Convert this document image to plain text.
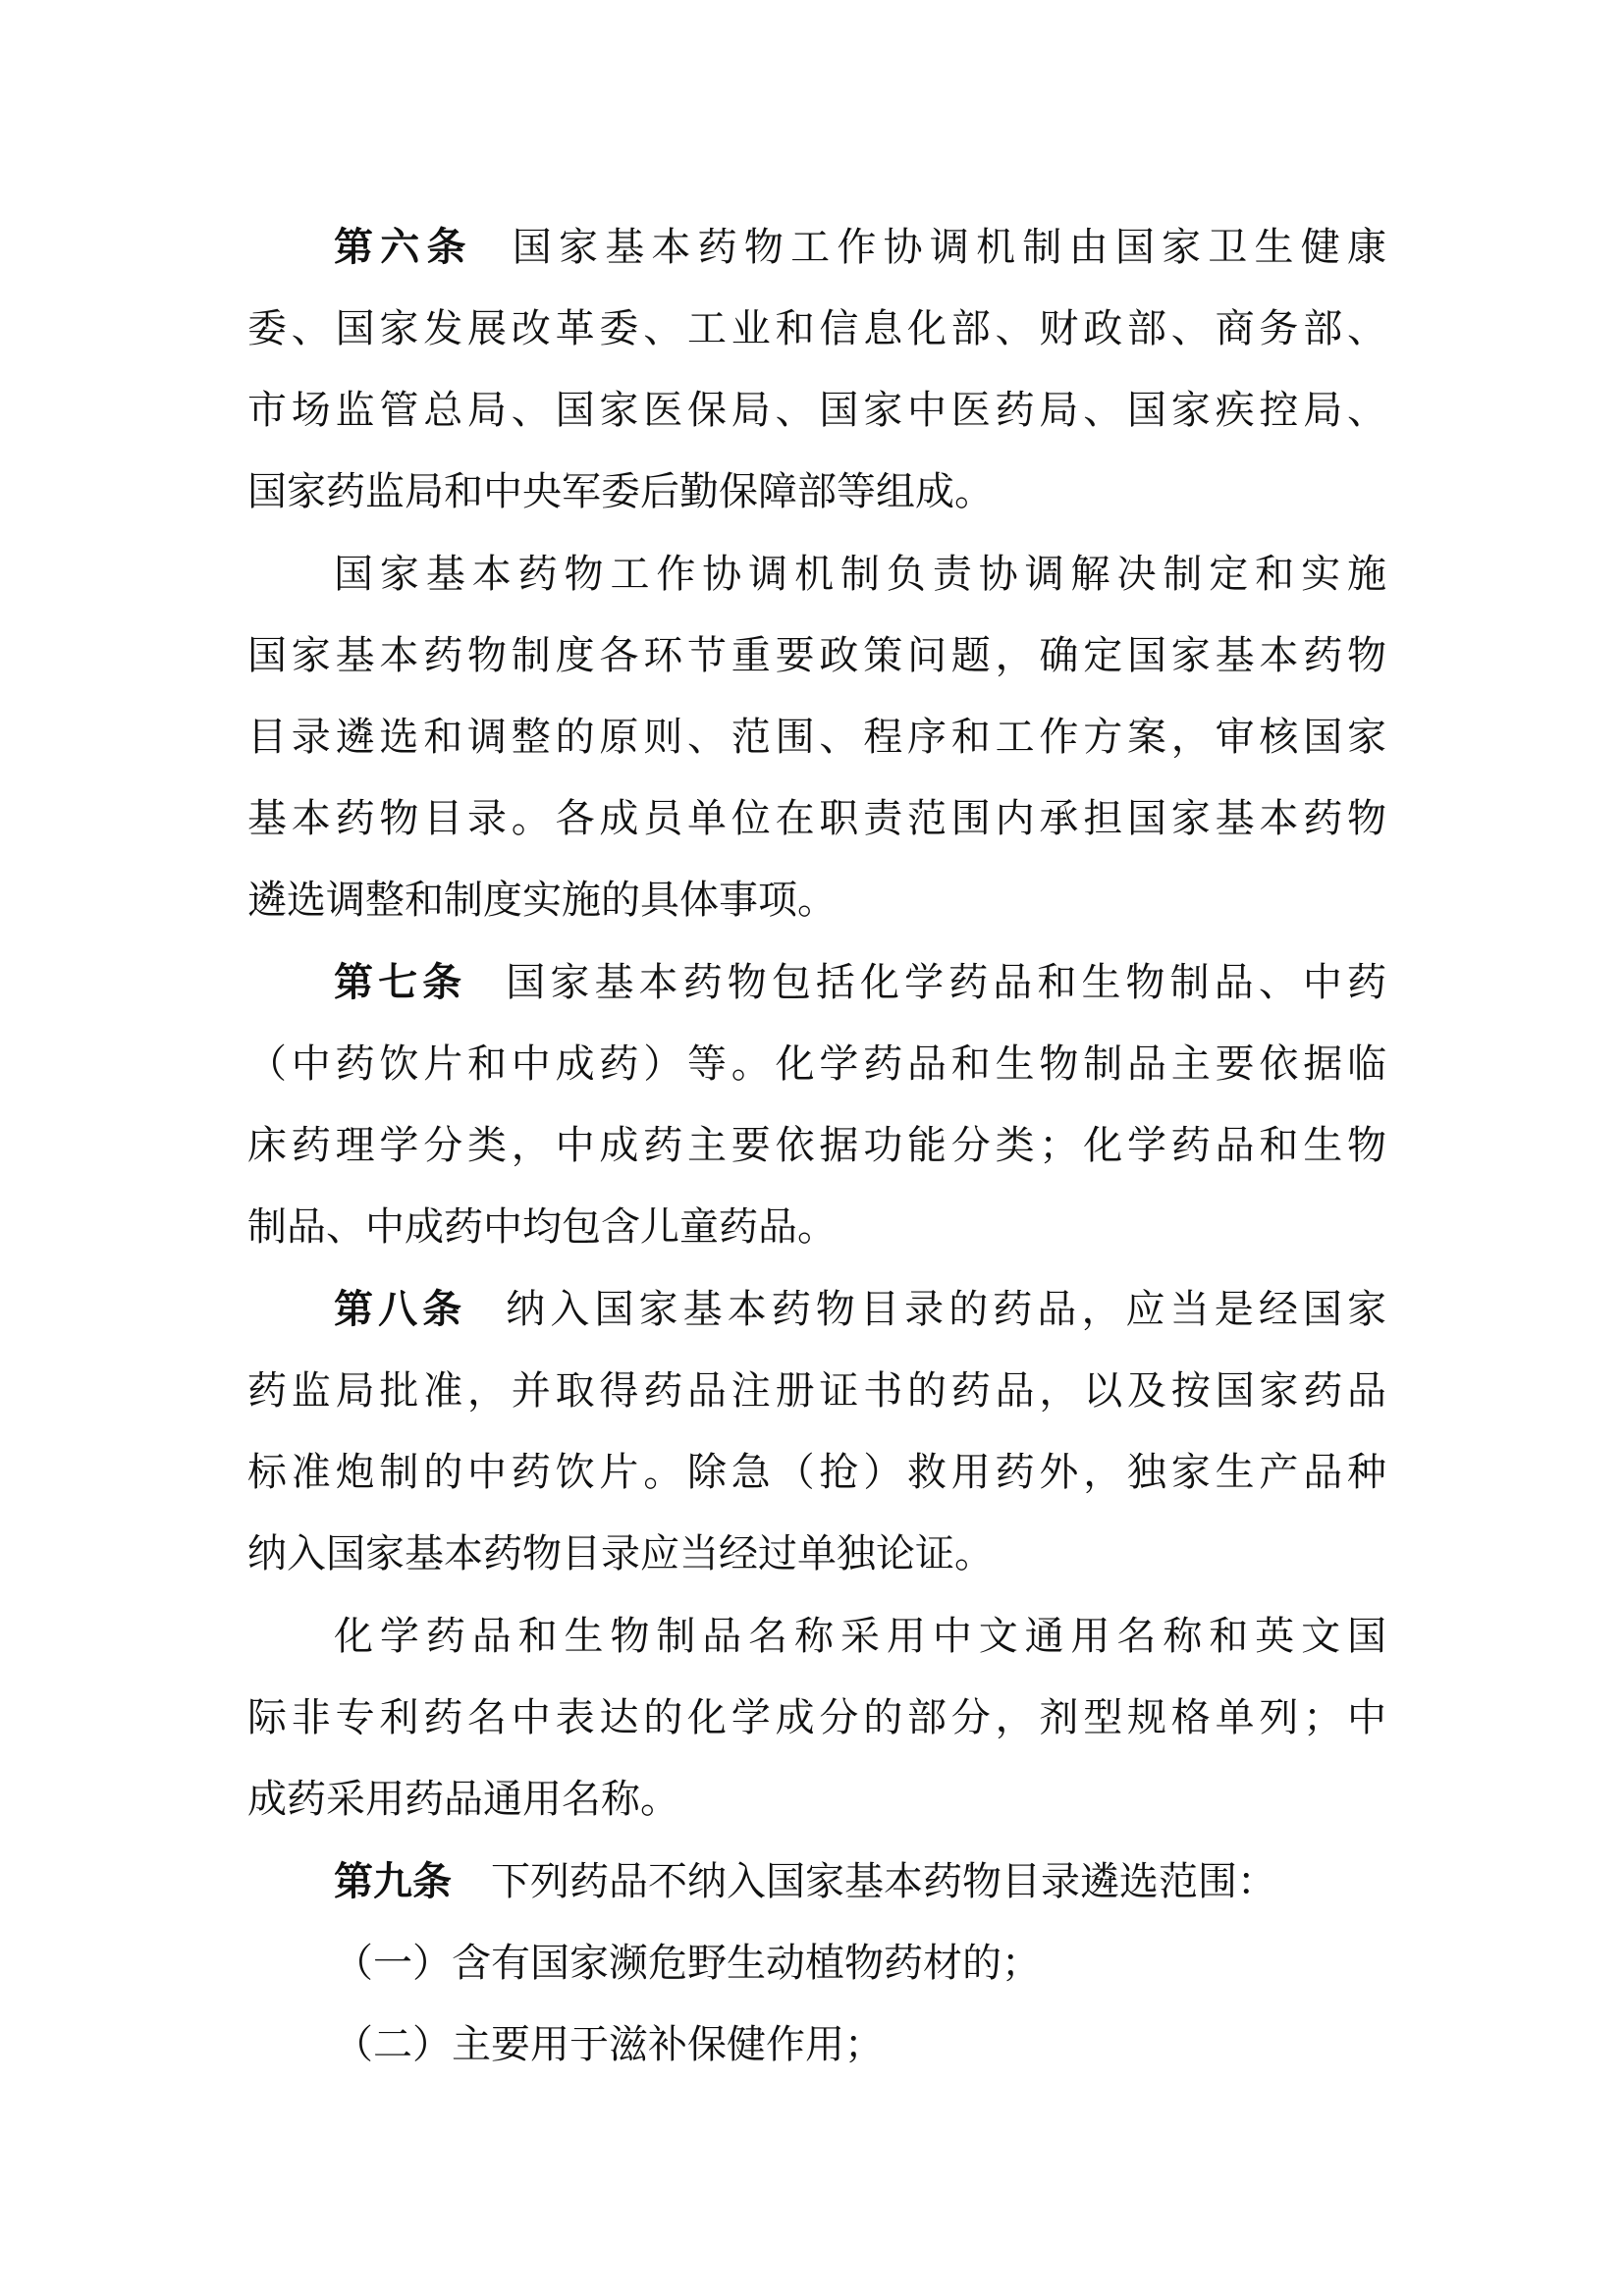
第六条 国家基本药物工作协调机制由国家卫生健康
委、国家发展改革委、工业和信息化部、财政部、商务部、
市场监管总局、国家医保局、国家中医药局、国家疾控局、
国家药监局和中央军委后勤保障部等组成。
国家基本药物工作协调机制负责协调解决制定和实施
国家基本药物制度各环节重要政策问题，确定国家基本药物
目录遴选和调整的原则、范围、程序和工作方案，审核国家
基本药物目录。各成员单位在职责范围内承担国家基本药物
遴选调整和制度实施的具体事项。
第七条 国家基本药物包括化学药品和生物制品、中药
（中药饮片和中成药）等。化学药品和生物制品主要依据临
床药理学分类，中成药主要依据功能分类；化学药品和生物
制品、中成药中均包含儿童药品。
第八条 纳入国家基本药物目录的药品，应当是经国家
药监局批准，并取得药品注册证书的药品，以及按国家药品
标准炮制的中药饮片。除急（抢）救用药外，独家生产品种
纳入国家基本药物目录应当经过单独论证。
化学药品和生物制品名称采用中文通用名称和英文国
际非专利药名中表达的化学成分的部分，剂型规格单列；中
成药采用药品通用名称。
第九条 下列药品不纳入国家基本药物目录遴选范围：
（一）含有国家濒危野生动植物药材的；
（二）主要用于滋补保健作用；
